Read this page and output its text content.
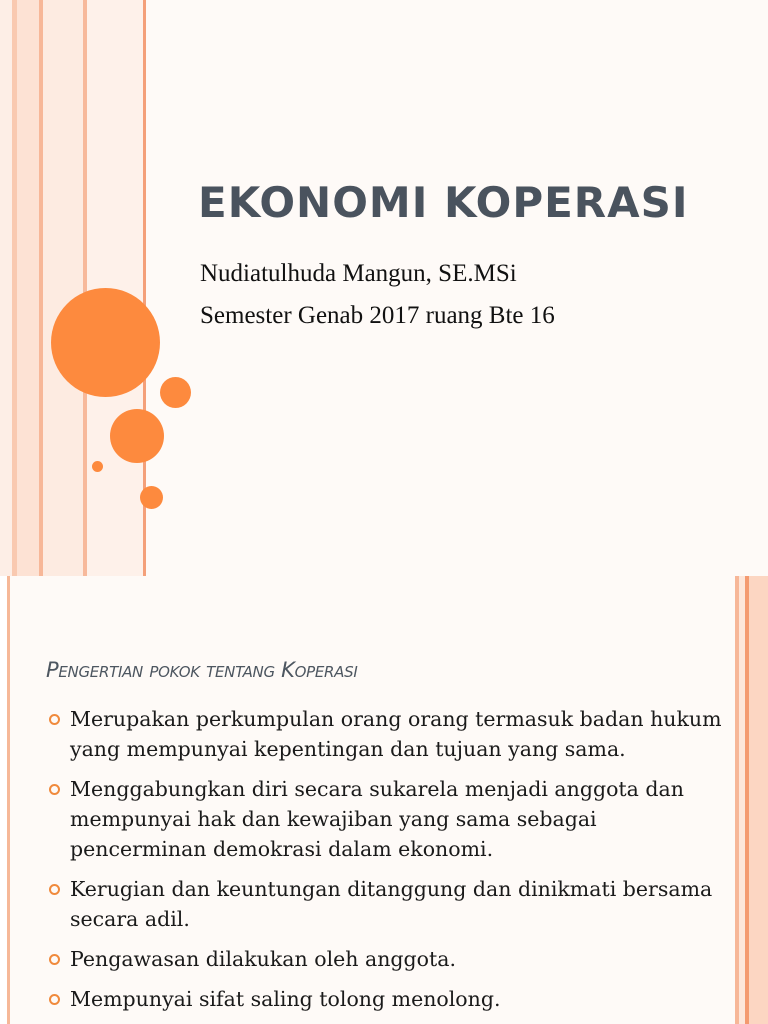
EKONOMI KOPERASI
Nudiatulhuda Mangun, SE.MSi
Semester Genab 2017 ruang Bte 16
Pengertian pokok tentang Koperasi
Merupakan perkumpulan orang orang termasuk badan hukum yang mempunyai kepentingan dan tujuan yang sama.
Menggabungkan diri secara sukarela menjadi anggota dan mempunyai hak dan kewajiban yang sama sebagai pencerminan demokrasi dalam ekonomi.
Kerugian dan keuntungan ditanggung dan dinikmati bersama secara adil.
Pengawasan dilakukan oleh anggota.
Mempunyai sifat saling tolong menolong.
